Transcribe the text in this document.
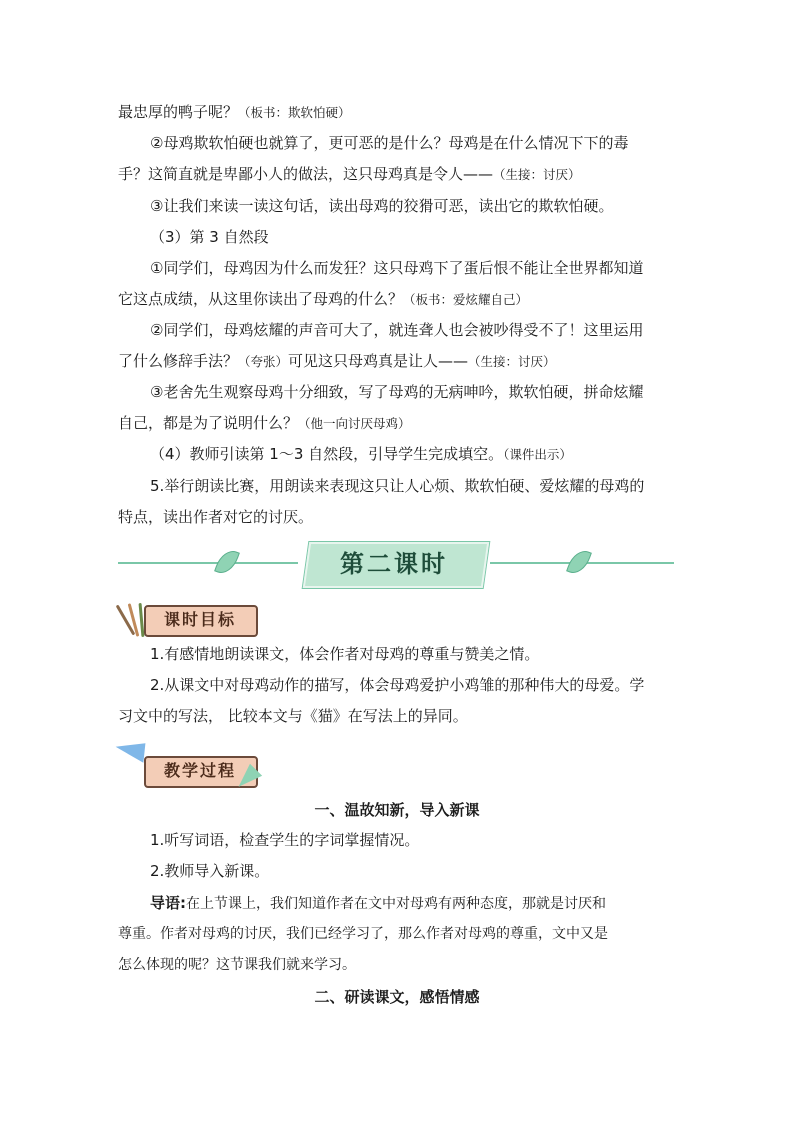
最忠厚的鸭子呢？（板书：欺软怕硬）
②母鸡欺软怕硬也就算了，更可恶的是什么？母鸡是在什么情况下下的毒
手？这简直就是卑鄙小人的做法，这只母鸡真是令人——（生接：讨厌）
③让我们来读一读这句话，读出母鸡的狡猾可恶，读出它的欺软怕硬。
（3）第 3 自然段
①同学们，母鸡因为什么而发狂？这只母鸡下了蛋后恨不能让全世界都知道
它这点成绩，从这里你读出了母鸡的什么？（板书：爱炫耀自己）
②同学们，母鸡炫耀的声音可大了，就连聋人也会被吵得受不了！这里运用
了什么修辞手法？（夸张）可见这只母鸡真是让人——（生接：讨厌）
③老舍先生观察母鸡十分细致，写了母鸡的无病呻吟，欺软怕硬，拼命炫耀
自己，都是为了说明什么？（他一向讨厌母鸡）
（4）教师引读第 1～3 自然段，引导学生完成填空。（课件出示）
5.举行朗读比赛，用朗读来表现这只让人心烦、欺软怕硬、爱炫耀的母鸡的
特点，读出作者对它的讨厌。
第二课时
课时目标
1.有感情地朗读课文，体会作者对母鸡的尊重与赞美之情。
2.从课文中对母鸡动作的描写，体会母鸡爱护小鸡雏的那种伟大的母爱。学
习文中的写法， 比较本文与《猫》在写法上的异同。
教学过程
一、温故知新，导入新课
1.听写词语，检查学生的字词掌握情况。
2.教师导入新课。
导语:在上节课上，我们知道作者在文中对母鸡有两种态度，那就是讨厌和
尊重。作者对母鸡的讨厌，我们已经学习了，那么作者对母鸡的尊重，文中又是
怎么体现的呢？这节课我们就来学习。
二、研读课文，感悟情感
